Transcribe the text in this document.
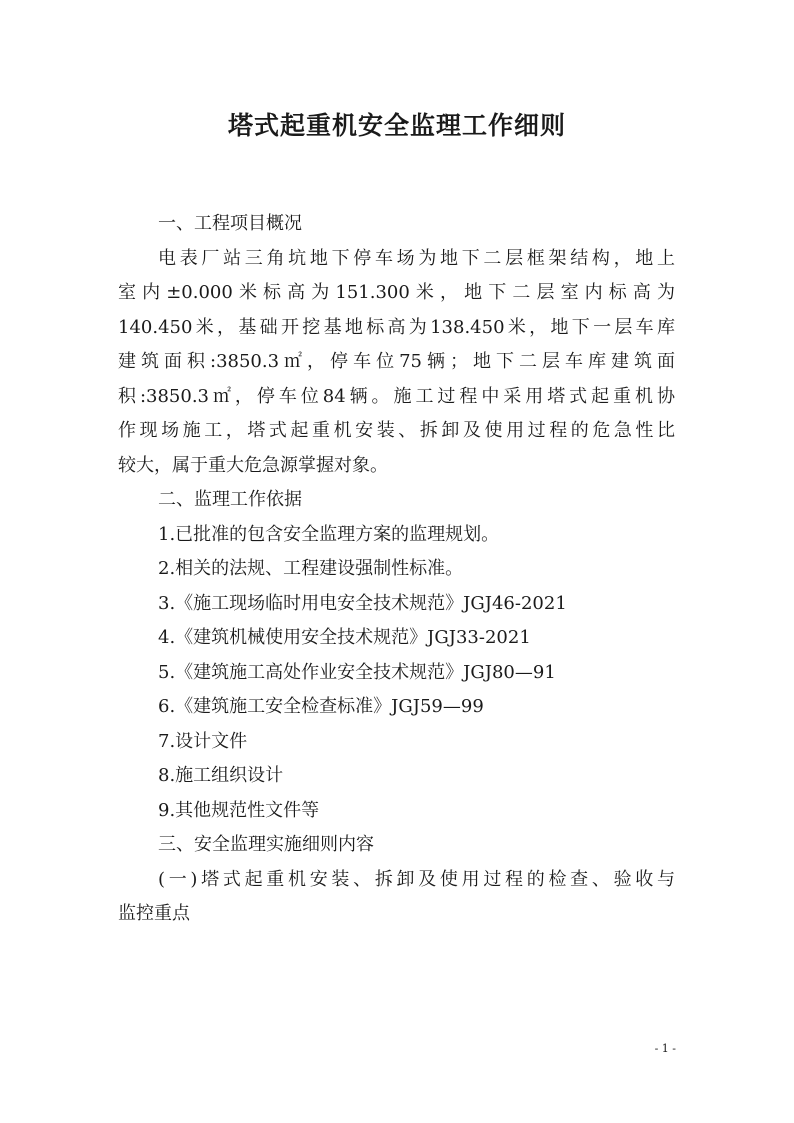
塔式起重机安全监理工作细则
一、工程项目概况
电表厂站三角坑地下停车场为地下二层框架结构，地上
室内±0.000米标高为151.300米，地下二层室内标高为
140.450米，基础开挖基地标高为138.450米，地下一层车库
建筑面积:3850.3㎡，停车位75辆；地下二层车库建筑面
积:3850.3㎡，停车位84辆。施工过程中采用塔式起重机协
作现场施工，塔式起重机安装、拆卸及使用过程的危急性比
较大，属于重大危急源掌握对象。
二、监理工作依据
1.已批准的包含安全监理方案的监理规划。
2.相关的法规、工程建设强制性标准。
3.《施工现场临时用电安全技术规范》JGJ46-2021
4.《建筑机械使用安全技术规范》JGJ33-2021
5.《建筑施工高处作业安全技术规范》JGJ80—91
6.《建筑施工安全检查标准》JGJ59—99
7.设计文件
8.施工组织设计
9.其他规范性文件等
三、安全监理实施细则内容
(一)塔式起重机安装、拆卸及使用过程的检查、验收与
监控重点
- 1 -
